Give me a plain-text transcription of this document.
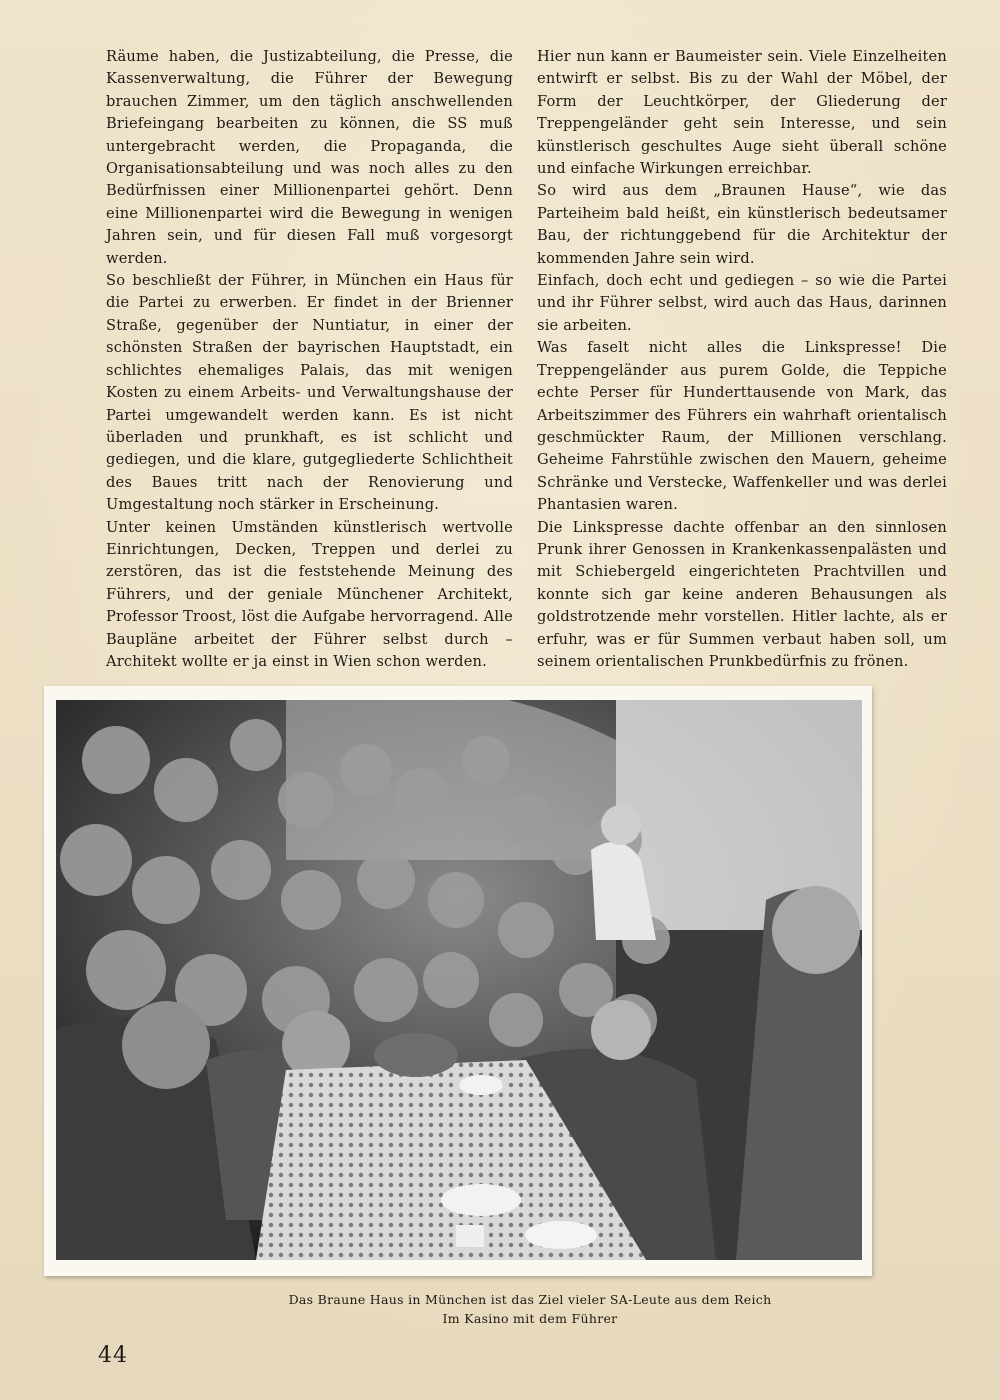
Räume haben, die Justizabteilung, die Presse, die Kassenverwaltung, die Führer der Bewegung brauchen Zimmer, um den täglich anschwellenden Briefeingang bearbeiten zu können, die SS muß untergebracht werden, die Propaganda, die Organisationsabteilung und was noch alles zu den Bedürfnissen einer Millionenpartei gehört. Denn eine Millionenpartei wird die Bewegung in wenigen Jahren sein, und für diesen Fall muß vorgesorgt werden.

So beschließt der Führer, in München ein Haus für die Partei zu erwerben. Er findet in der Brienner Straße, gegenüber der Nuntiatur, in einer der schönsten Straßen der bayrischen Hauptstadt, ein schlichtes ehemaliges Palais, das mit wenigen Kosten zu einem Arbeits- und Verwaltungshause der Partei umgewandelt werden kann. Es ist nicht überladen und prunkhaft, es ist schlicht und gediegen, und die klare, gutgegliederte Schlichtheit des Baues tritt nach der Renovierung und Umgestaltung noch stärker in Erscheinung.

Unter keinen Umständen künstlerisch wertvolle Einrichtungen, Decken, Treppen und derlei zu zerstören, das ist die feststehende Meinung des Führers, und der geniale Münchener Architekt, Professor Troost, löst die Aufgabe hervorragend. Alle Baupläne arbeitet der Führer selbst durch – Architekt wollte er ja einst in Wien schon werden.

Hier nun kann er Baumeister sein. Viele Einzelheiten entwirft er selbst. Bis zu der Wahl der Möbel, der Form der Leuchtkörper, der Gliederung der Treppengeländer geht sein Interesse, und sein künstlerisch geschultes Auge sieht überall schöne und einfache Wirkungen erreichbar.

So wird aus dem „Braunen Hause“, wie das Parteiheim bald heißt, ein künstlerisch bedeutsamer Bau, der richtunggebend für die Architektur der kommenden Jahre sein wird.

Einfach, doch echt und gediegen – so wie die Partei und ihr Führer selbst, wird auch das Haus, darinnen sie arbeiten.

Was faselt nicht alles die Linkspresse! Die Treppengeländer aus purem Golde, die Teppiche echte Perser für Hunderttausende von Mark, das Arbeitszimmer des Führers ein wahrhaft orientalisch geschmückter Raum, der Millionen verschlang. Geheime Fahrstühle zwischen den Mauern, geheime Schränke und Verstecke, Waffenkeller und was derlei Phantasien waren.

Die Linkspresse dachte offenbar an den sinnlosen Prunk ihrer Genossen in Krankenkassenpalästen und mit Schiebergeld eingerichteten Prachtvillen und konnte sich gar keine anderen Behausungen als goldstrotzende mehr vorstellen. Hitler lachte, als er erfuhr, was er für Summen verbaut haben soll, um seinem orientalischen Prunkbedürfnis zu frönen.

Das Braune Haus in München ist das Ziel vieler SA-Leute aus dem Reich
Im Kasino mit dem Führer
44
